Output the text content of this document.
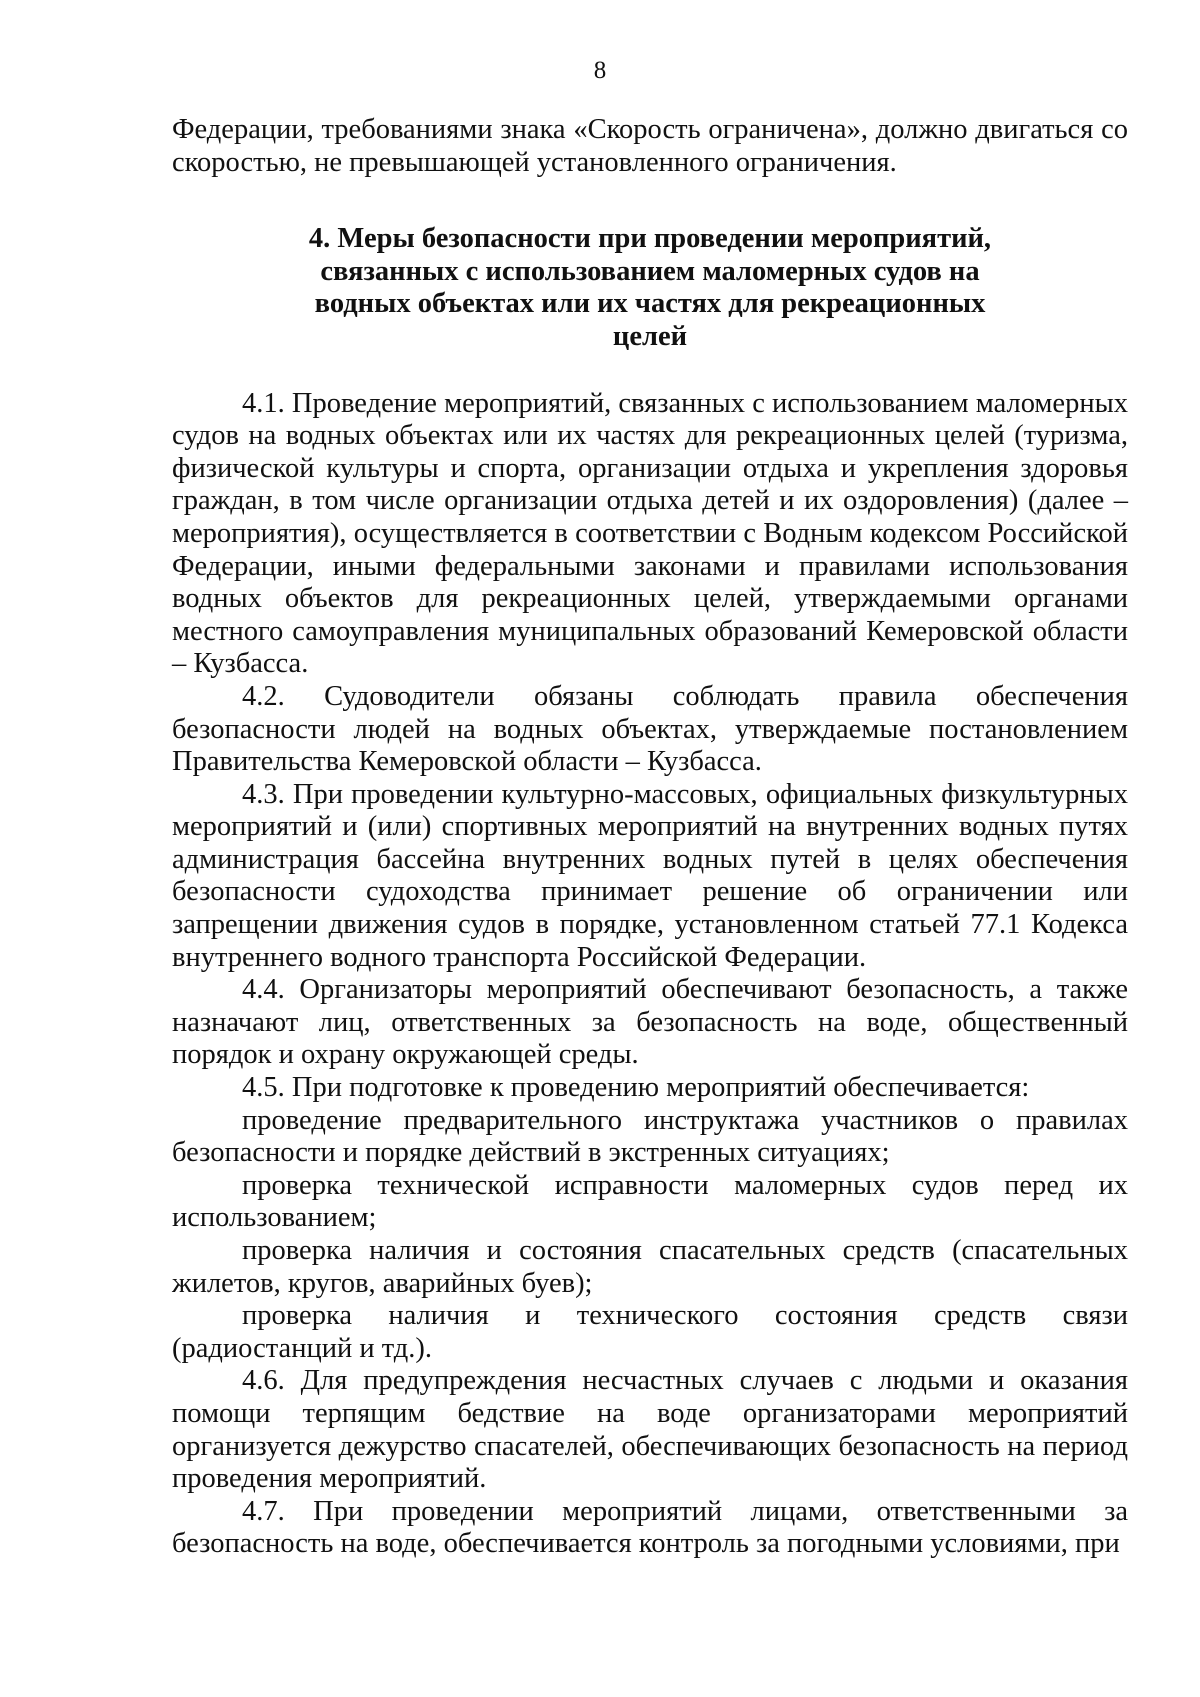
8

Федерации, требованиями знака «Скорость ограничена», должно двигаться со скоростью, не превышающей установленного ограничения.

4. Меры безопасности при проведении мероприятий,
связанных с использованием маломерных судов на
водных объектах или их частях для рекреационных
целей

4.1. Проведение мероприятий, связанных с использованием маломерных судов на водных объектах или их частях для рекреационных целей (туризма, физической культуры и спорта, организации отдыха и укрепления здоровья граждан, в том числе организации отдыха детей и их оздоровления) (далее – мероприятия), осуществляется в соответствии с Водным кодексом Российской Федерации, иными федеральными законами и правилами использования водных объектов для рекреационных целей, утверждаемыми органами местного самоуправления муниципальных образований Кемеровской области – Кузбасса.

4.2. Судоводители обязаны соблюдать правила обеспечения безопасности людей на водных объектах, утверждаемые постановлением Правительства Кемеровской области – Кузбасса.

4.3. При проведении культурно-массовых, официальных физкультурных мероприятий и (или) спортивных мероприятий на внутренних водных путях администрация бассейна внутренних водных путей в целях обеспечения безопасности судоходства принимает решение об ограничении или запрещении движения судов в порядке, установленном статьей 77.1 Кодекса внутреннего водного транспорта Российской Федерации.

4.4. Организаторы мероприятий обеспечивают безопасность, а также назначают лиц, ответственных за безопасность на воде, общественный порядок и охрану окружающей среды.

4.5. При подготовке к проведению мероприятий обеспечивается:

проведение предварительного инструктажа участников о правилах безопасности и порядке действий в экстренных ситуациях;

проверка технической исправности маломерных судов перед их использованием;

проверка наличия и состояния спасательных средств (спасательных жилетов, кругов, аварийных буев);

проверка наличия и технического состояния средств связи (радиостанций и тд.).

4.6. Для предупреждения несчастных случаев с людьми и оказания помощи терпящим бедствие на воде организаторами мероприятий организуется дежурство спасателей, обеспечивающих безопасность на период проведения мероприятий.

4.7. При проведении мероприятий лицами, ответственными за безопасность на воде, обеспечивается контроль за погодными условиями, при
